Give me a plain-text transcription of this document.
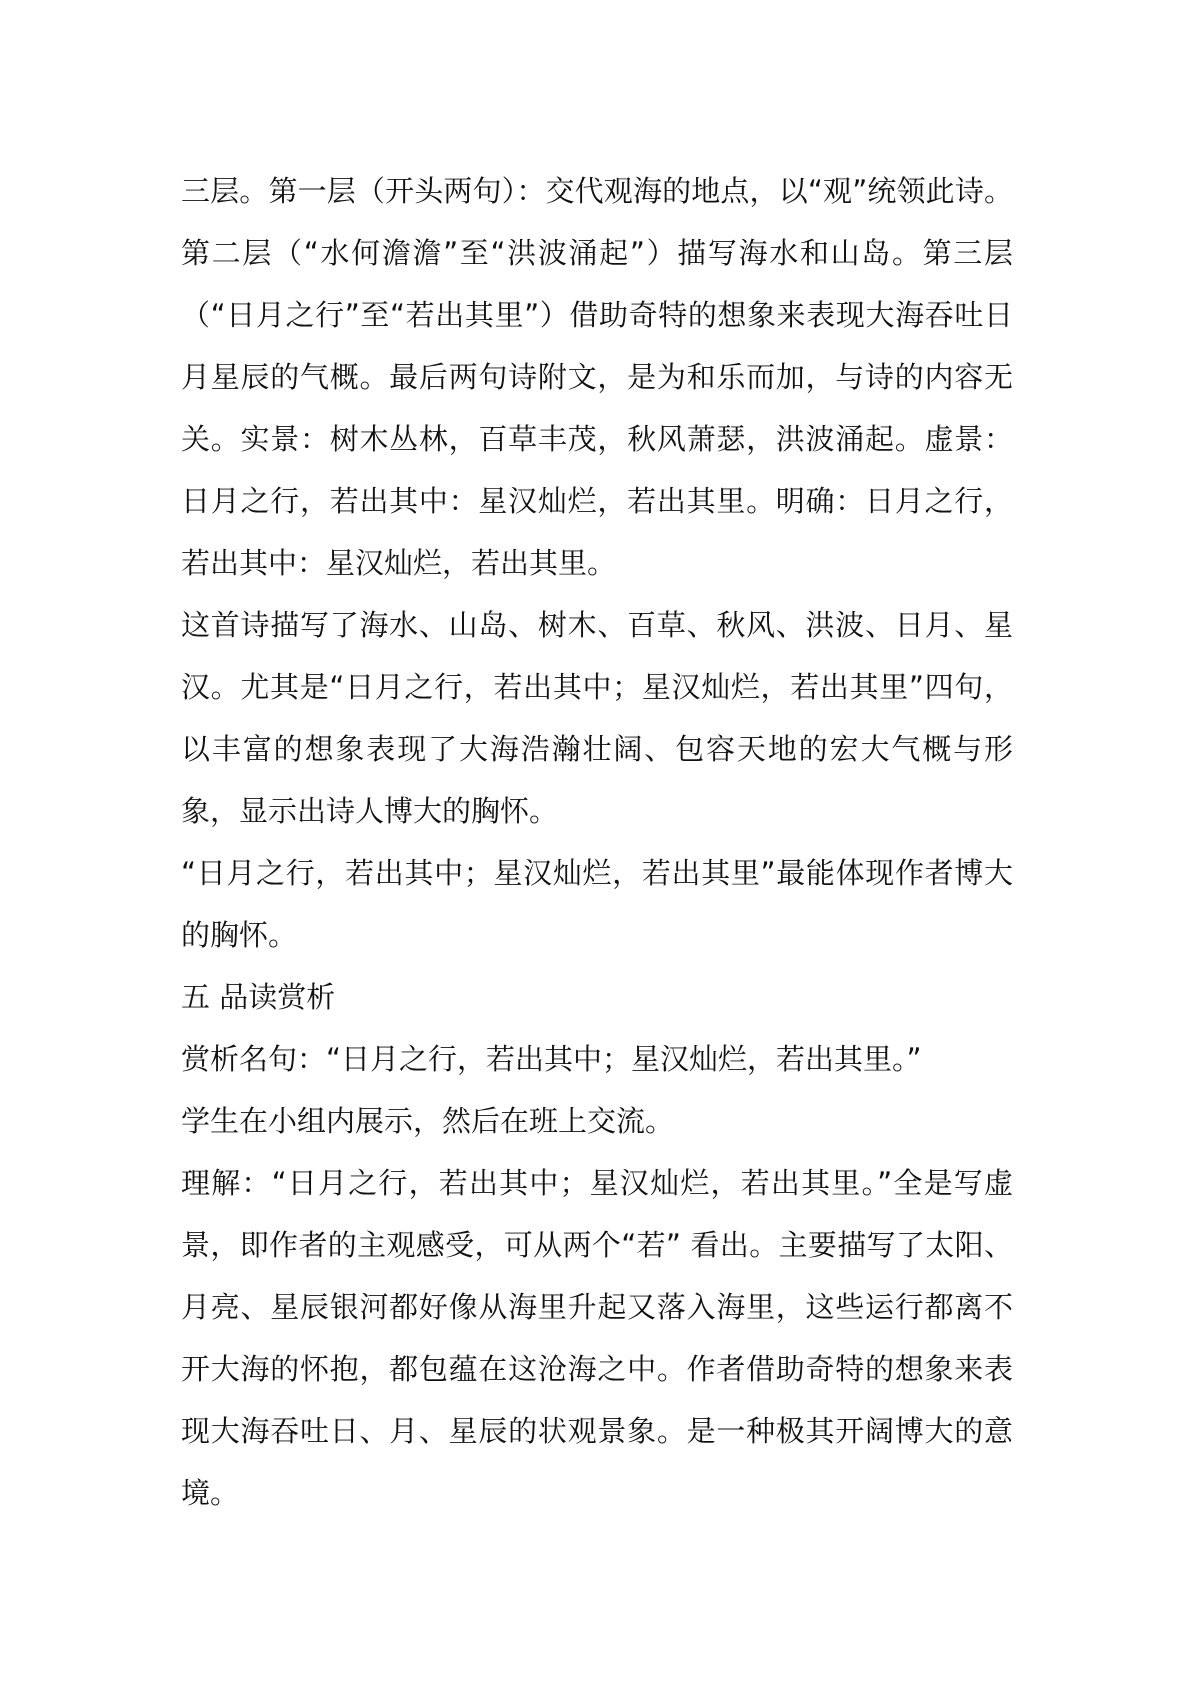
三层。第一层（开头两句）：交代观海的地点，以“观”统领此诗。第二层（“水何澹澹”至“洪波涌起”）描写海水和山岛。第三层（“日月之行”至“若出其里”）借助奇特的想象来表现大海吞吐日月星辰的气概。最后两句诗附文，是为和乐而加，与诗的内容无关。实景：树木丛林，百草丰茂，秋风萧瑟，洪波涌起。虚景：日月之行，若出其中：星汉灿烂，若出其里。明确：日月之行，若出其中：星汉灿烂，若出其里。

这首诗描写了海水、山岛、树木、百草、秋风、洪波、日月、星汉。尤其是“日月之行，若出其中；星汉灿烂，若出其里”四句，以丰富的想象表现了大海浩瀚壮阔、包容天地的宏大气概与形象，显示出诗人博大的胸怀。

“日月之行，若出其中；星汉灿烂，若出其里”最能体现作者博大的胸怀。

五 品读赏析

赏析名句：“日月之行，若出其中；星汉灿烂，若出其里。”

学生在小组内展示，然后在班上交流。

理解：“日月之行，若出其中；星汉灿烂，若出其里。”全是写虚景，即作者的主观感受，可从两个“若” 看出。主要描写了太阳、月亮、星辰银河都好像从海里升起又落入海里，这些运行都离不开大海的怀抱，都包蕴在这沧海之中。作者借助奇特的想象来表现大海吞吐日、月、星辰的状观景象。是一种极其开阔博大的意境。
